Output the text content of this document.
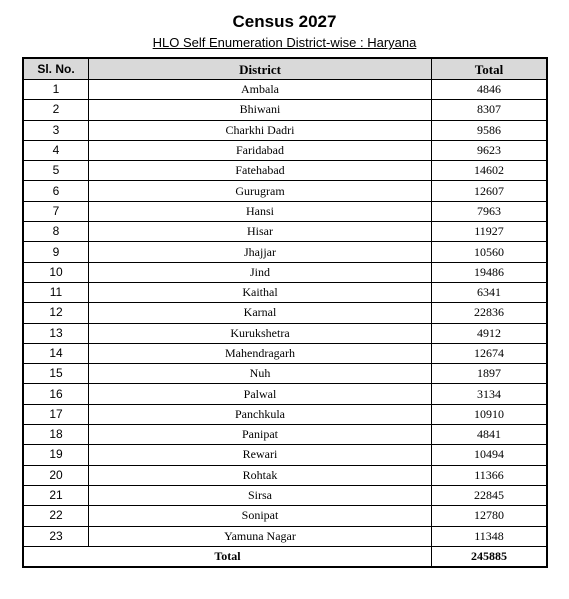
Census 2027
HLO Self Enumeration District-wise : Haryana
Sl. No.	District	Total
1	Ambala	4846
2	Bhiwani	8307
3	Charkhi Dadri	9586
4	Faridabad	9623
5	Fatehabad	14602
6	Gurugram	12607
7	Hansi	7963
8	Hisar	11927
9	Jhajjar	10560
10	Jind	19486
11	Kaithal	6341
12	Karnal	22836
13	Kurukshetra	4912
14	Mahendragarh	12674
15	Nuh	1897
16	Palwal	3134
17	Panchkula	10910
18	Panipat	4841
19	Rewari	10494
20	Rohtak	11366
21	Sirsa	22845
22	Sonipat	12780
23	Yamuna Nagar	11348
Total		245885
